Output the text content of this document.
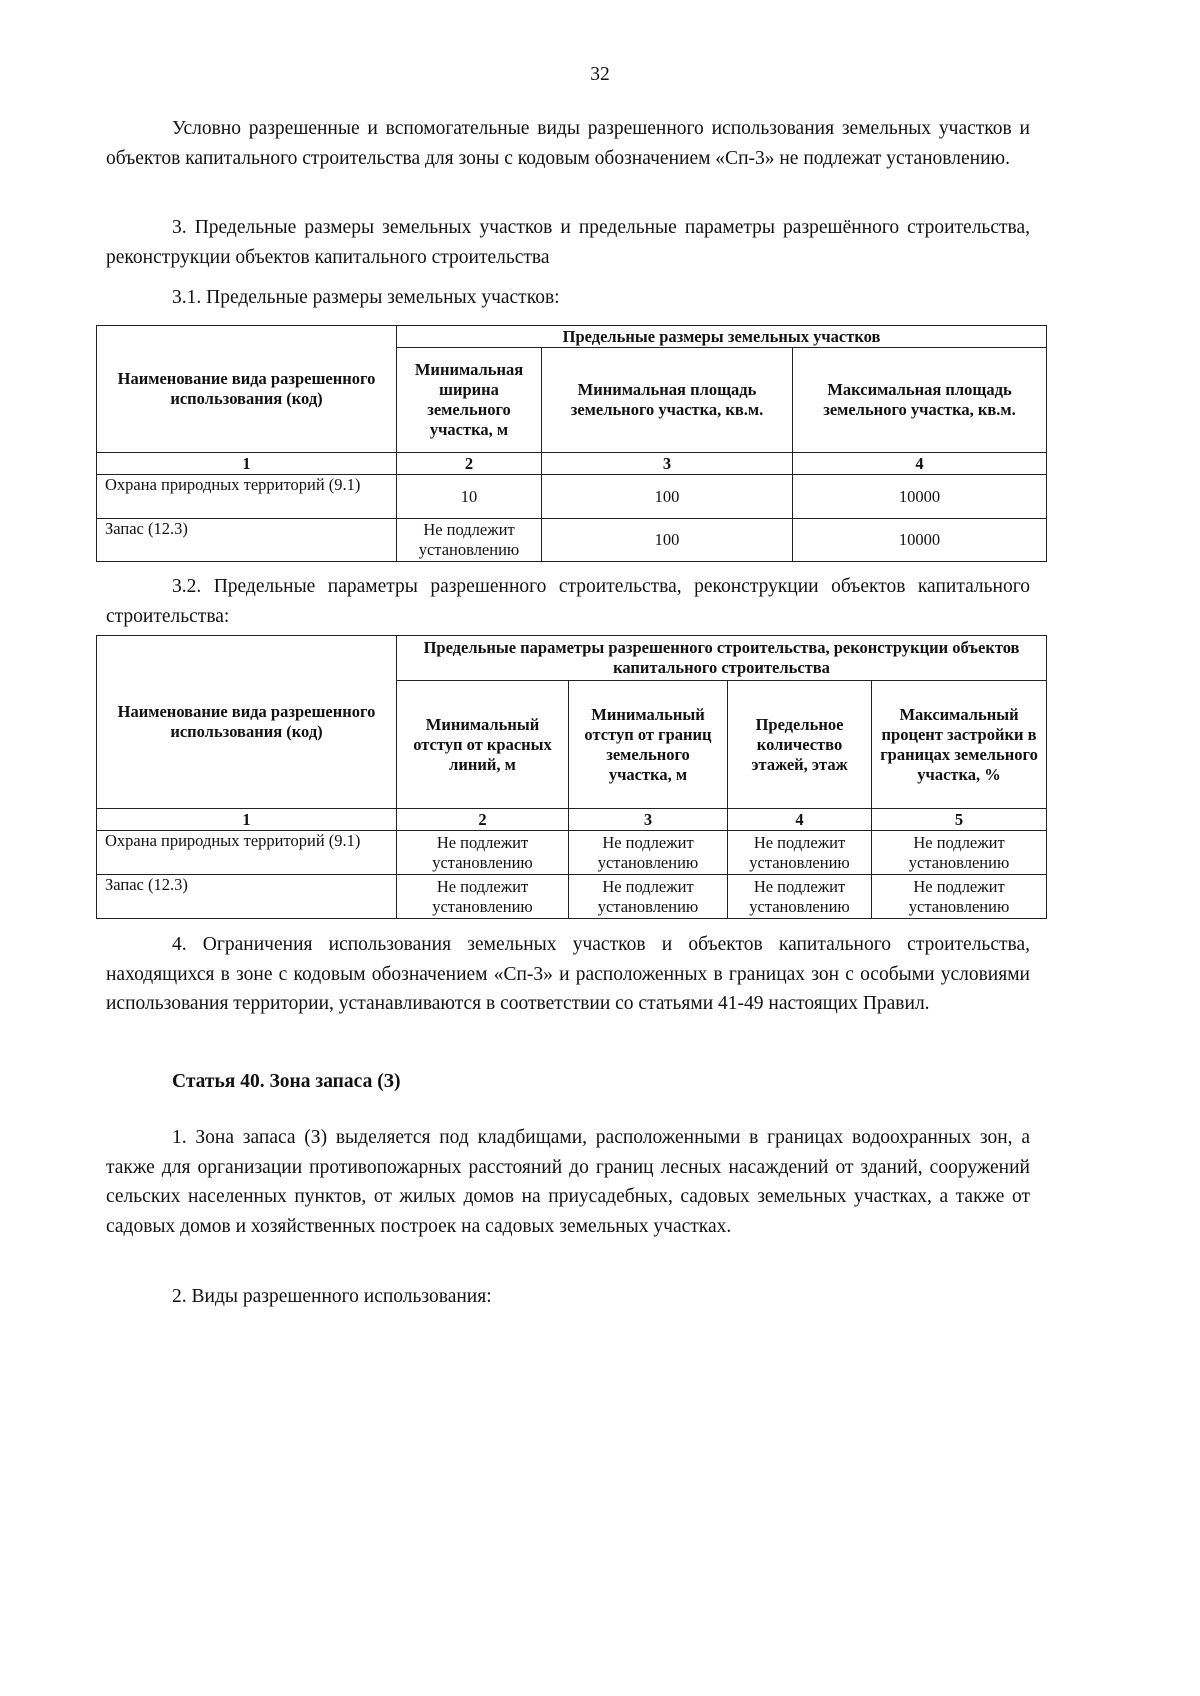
32

Условно разрешенные и вспомогательные виды разрешенного использования земельных участков и объектов капитального строительства для зоны с кодовым обозначением «Сп-3» не подлежат установлению.

3. Предельные размеры земельных участков и предельные параметры разрешённого строительства, реконструкции объектов капитального строительства

3.1. Предельные размеры земельных участков:

Наименование вида разрешенного использования (код)	Предельные размеры земельных участков		
	Минимальная ширина земельного участка, м	Минимальная площадь земельного участка, кв.м.	Максимальная площадь земельного участка, кв.м.
1	2	3	4
Охрана природных территорий (9.1)	10	100	10000
Запас (12.3)	Не подлежит установлению	100	10000

3.2. Предельные параметры разрешенного строительства, реконструкции объектов капитального строительства:

Наименование вида разрешенного использования (код)	Предельные параметры разрешенного строительства, реконструкции объектов капитального строительства			
	Минимальный отступ от красных линий, м	Минимальный отступ от границ земельного участка, м	Предельное количество этажей, этаж	Максимальный процент застройки в границах земельного участка, %
1	2	3	4	5
Охрана природных территорий (9.1)	Не подлежит установлению	Не подлежит установлению	Не подлежит установлению	Не подлежит установлению
Запас (12.3)	Не подлежит установлению	Не подлежит установлению	Не подлежит установлению	Не подлежит установлению

4. Ограничения использования земельных участков и объектов капитального строительства, находящихся в зоне с кодовым обозначением «Сп-3» и расположенных в границах зон с особыми условиями использования территории, устанавливаются в соответствии со статьями 41-49 настоящих Правил.

Статья 40. Зона запаса (З)

1. Зона запаса (З) выделяется под кладбищами, расположенными в границах водоохранных зон, а также для организации противопожарных расстояний до границ лесных насаждений от зданий, сооружений сельских населенных пунктов, от жилых домов на приусадебных, садовых земельных участках, а также от садовых домов и хозяйственных построек на садовых земельных участках.

2. Виды разрешенного использования:
